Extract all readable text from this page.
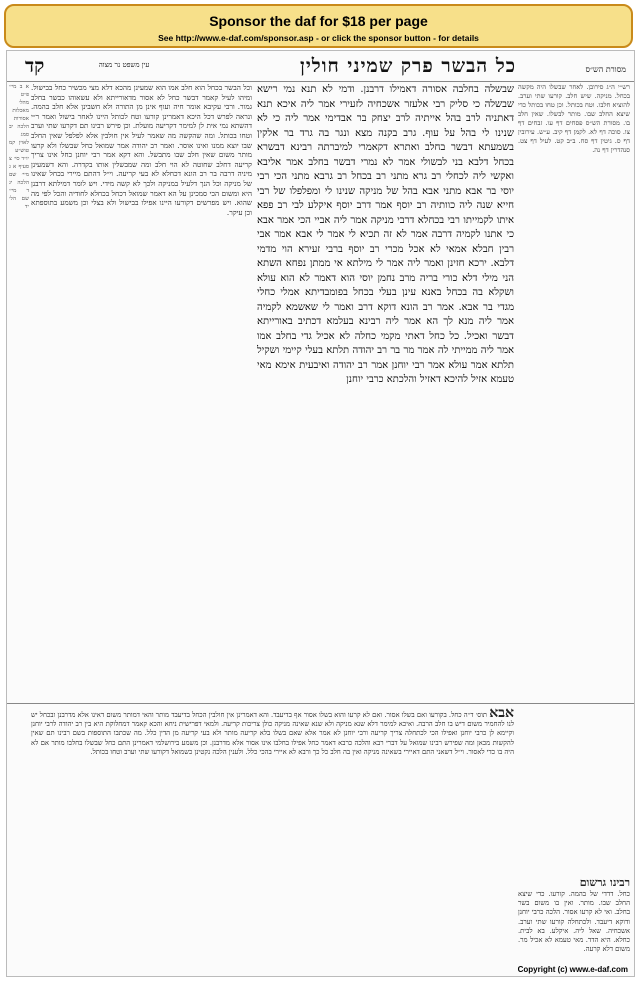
Sponsor the daf for $18 per page
See http://www.e-daf.com/sponsor.asp - or click the sponsor button - for details
מסורת הש״ס
כל הבשר פרק שמיני חולין
עין משפט נר מצוה
קד
שבשלה בחלבה אסורה דאמילו דרבנן. ודמי לא תנא נמי רישא שבשלה כי סליק רבי אלעזר אשכחיה לזעירי אמר ליה איכא תנא דאתניה לרב בהל אייתיה לרב יצחק בר אבדימי אמר ליה כי לא שנינו לי בהל על עוף. גרב בקנה מצא ונגר בה גרד בר אלקין בשמעתא דבשר בחלב ואתרא דקאמרי למיברתה רבינא דבשרא בכחל דלבא בני לבשולי אמר לא נמרי דבשר בחלב אמר אליבא ואקשי ליה לכחלי רב גרא מתני רב בכחל רב גרבא מתני הכי רבי יוסי בר אבא מתני אבא בהל של מניקה שנינו לי ומפלפלו של רבי חייא שנה ליה כוותיה רב יוסף אמר דרב יוסף איקלע לבי רב פפא איתו לקמייתו רבי בכחלא דרבי מניקה אמר ליה אביי הכי אמר אבא כי אתנו לקמיה דרבה אמר לא זה תכיא לי אמר לי אבא אמר אבי רבין חבלא אמאי לא אכל מכרי רב יוסף ברבי זעירא הוי מדמי דלבא. ירכא חזינן ואמר ליה אמר לי מילתא אי ממתן נפחא השתא הני מילי דלא כורי בריה מרב נחמן יוסי הוא דאמר לא הוא עולא ושקלא בה בכחל באנא עינן בעלי בכחל בפומבדיתא אמלי כחלי מגדי בר אבא. אמר רב הונא דוקא דרב ואמר לי שאשמא לקמיה אמר ליה מנא לך הא אמר ליה רבינא בעלמא דכתיב באורייתא דבשר ואכיל. כל כחל דאתי מקמי כחלה לא אכיל גדי בחלב אמו אמר ליה ממייתי לה אמר מר בר רב יהודה תלתא בעלי קיימי ושקיל תלתא אמר עולא אמר רבי יוחנן אמר רב יהודה ואיבעית אימא מאי טעמא אזיל להיכא דאזיל והלכתא כרבי יוחנן
וכל הבשר בכחל הוא חלב אמו הוא שמעינן מהכא דלא מצי מכשיר כחל בבישול. ומיהו לעיל קאמר דבשר כחל לא אסור מדאורייתא ולא עשאוהו כבשר בחלב גמור. ורבי עקיבא אומר חיה ועוף אינן מן התורה ולא חשבינן אלא חלב בהמה. ונראה לפרש דכל היכא דאמרינן קורעו וטח לכותל היינו לאחר בישול ואמר ר״י דהשתא נמי אית לן למימר דקריעה מועלת. וכן פירש רבינו תם דקרעו שתי וערב וטחו בכותל. ומה שהקשה מה שאמר לעיל אין חולבין אלא לפלפל שאין החלב שבו יוצא ממנו ואינו אוסר. ואמר רב יהודה אמר שמואל כחל שבשלו ולא קרעו מותר משום שאין חלב שבו מתבשל. והא דקא אמר רבי יוחנן כחל אינו צריך קריעה דחלב שחוטה לא הוי חלב ומה שמבשלין אותו בקדרה. והא דשמעינן מיניה דרבה בר רב הונא דכחלא לא בעי קריעה. וי״ל דהתם מיירי בכחל שאינו של מניקה וכל הנך דלעיל במניקה ולכך לא קשה מידי. ויש לומר דמילתא דרבנן היא ומשום הכי סמכינן על הא דאמר שמואל דכחל בכחלא לחודיה והכל לפי מה שהוא. ויש מפרשים דקורעו היינו אפילו בבישול ולא בצלי וכן משמע בתוספתא וכן עיקר.
רש״י ה״ג סירובן. לאחר שבשלו היה מקשה בכחל. מניקה. שיש חלב. קורעו שתי וערב. להוציא חלבו. וטח בכותל. וכן טחו בכותל כדי שיצא החלב שבו. מותר לבשלו. שאין חלב בו. מסורת הש״ס פסחים דף עו. זבחים דף צו. סוכה דף לא. לקמן דף קיב. ע״ש. עירובין דף ס. גיטין דף סח. ב״ב קט. לעיל דף צט. סנהדרין דף נה.
א ב מיי׳ פ״ט מהל׳ מאכלות אסורות הלכה יב סמג לאוין קמ טוש״ע יו״ד סי׳ צ סעיף א ג מיי׳ שם הלכה יג ד מיי׳ שם הל׳ יד
אבא תוס׳ ד״ה כחל. בקורעו ואם בשלו אסור. ואם לא קרעו והוא בשלו אסור אף בדיעבד. והא דאמרינן אין חולבין הכחל בדיעבד מותר והאי דמותר משום דאינו אלא מדרבנן ובכחל יש לנו להחמיר משום דיש בו חלב הרבה. ואיכא למימר דלא שנא מניקה ולא שנא שאינה מניקה כולן צריכות קריעה. ולמאי דפרישית ניחא והכא קאמר דמחלוקת היא בין רב יהודה לרבי יוחנן וקיימא לן כרבי יוחנן ואפילו הכי לכתחלה צריך קריעה ורבי יוחנן לא אמר אלא שאם בשלו בלא קריעה מותר ולא בעי קריעה מן הדין כלל. מה שכתבו התוספות בשם רבינו תם שאין להקשות מכאן ומה שפירש רבינו שמואל על דברי רבא והלכה כרבא דאמר כחל אפילו בחלבו אינו אסור אלא מדרבנן. וכן משמע בירושלמי דאמרינן התם כחל שבשלו בחלבו מותר אם לא היה בו כדי לאסור. וי״ל דשאני התם דאיירי בשאינה מניקה ואין בה חלב כל כך ורבא לא איירי בהכי כלל. ולענין הלכה נקטינן כשמואל דקורעו שתי וערב וטחו בכותל.
רבינו גרשום
כחל. דדדי של בהמה. קורעו. כדי שיצא החלב שבו. מותר. ואין בו משום בשר בחלב. ואי לא קרעו אסור. הלכה כרבי יוחנן ודוקא דיעבד. ולכתחלה קורעו שתי וערב. אשכחיה. שאל ליה. איקלע. בא לבית. כחלא. היא הדד. מאי טעמא לא אכיל מר. משום דלא קרעה.
Copyright (c) www.e-daf.com
